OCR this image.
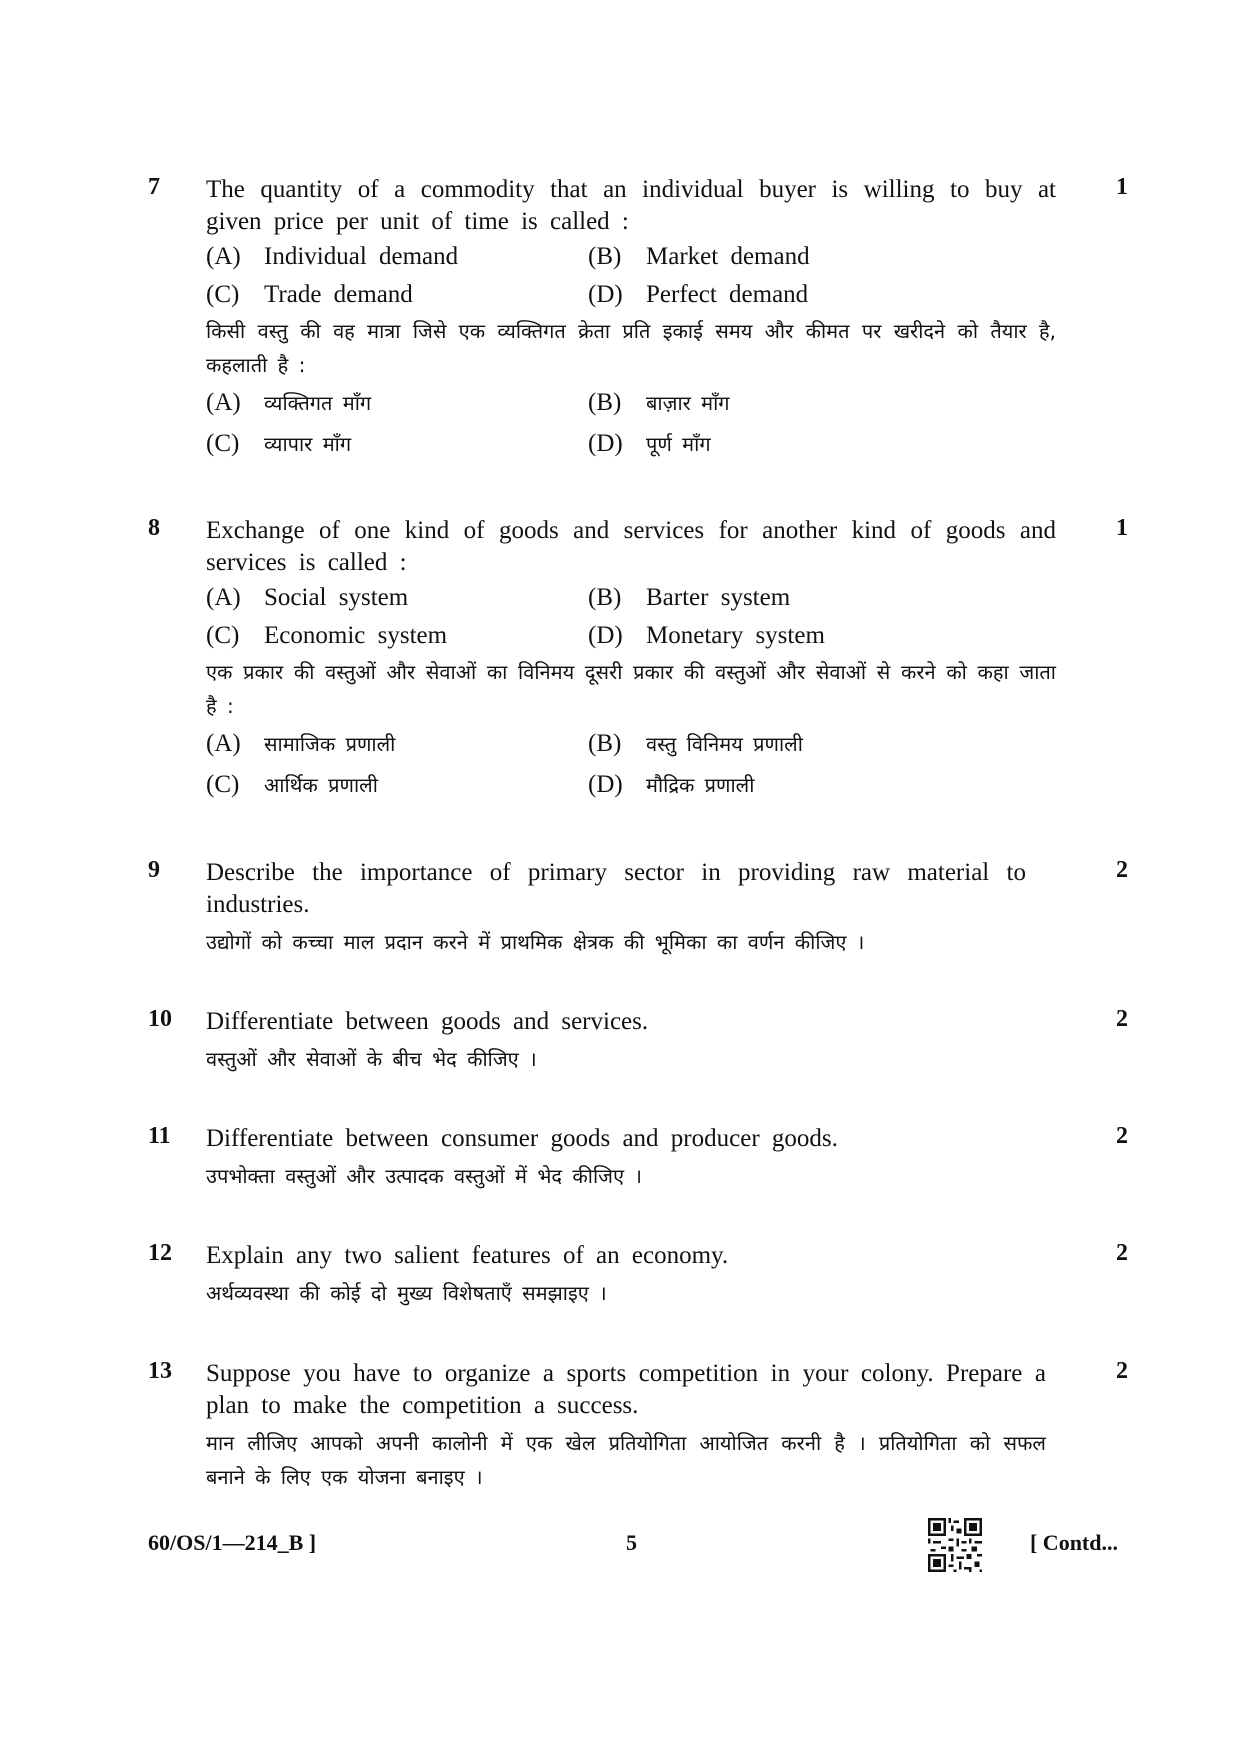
7	The quantity of a commodity that an individual buyer is willing to buy at given price per unit of time is called :
(A) Individual demand	(B) Market demand
(C) Trade demand	(D) Perfect demand
किसी वस्तु की वह मात्रा जिसे एक व्यक्तिगत क्रेता प्रति इकाई समय और कीमत पर खरीदने को तैयार है, कहलाती है :
(A)	व्यक्तिगत माँग	(B)	बाज़ार माँग
(C)	व्यापार माँग	(D)	पूर्ण माँग
1
8	Exchange of one kind of goods and services for another kind of goods and services is called :
(A) Social system	(B) Barter system
(C) Economic system	(D) Monetary system
एक प्रकार की वस्तुओं और सेवाओं का विनिमय दूसरी प्रकार की वस्तुओं और सेवाओं से करने को कहा जाता है :
(A)	सामाजिक प्रणाली	(B)	वस्तु विनिमय प्रणाली
(C)	आर्थिक प्रणाली	(D)	मौद्रिक प्रणाली
1
9	Describe the importance of primary sector in providing raw material to industries.
उद्योगों को कच्चा माल प्रदान करने में प्राथमिक क्षेत्रक की भूमिका का वर्णन कीजिए ।
2
10	Differentiate between goods and services.
वस्तुओं और सेवाओं के बीच भेद कीजिए ।
2
11	Differentiate between consumer goods and producer goods.
उपभोक्ता वस्तुओं और उत्पादक वस्तुओं में भेद कीजिए ।
2
12	Explain any two salient features of an economy.
अर्थव्यवस्था की कोई दो मुख्य विशेषताएँ समझाइए ।
2
13	Suppose you have to organize a sports competition in your colony. Prepare a plan to make the competition a success.
मान लीजिए आपको अपनी कालोनी में एक खेल प्रतियोगिता आयोजित करनी है । प्रतियोगिता को सफल बनाने के लिए एक योजना बनाइए ।
2
60/OS/1—214_B ]	5	[ Contd...
